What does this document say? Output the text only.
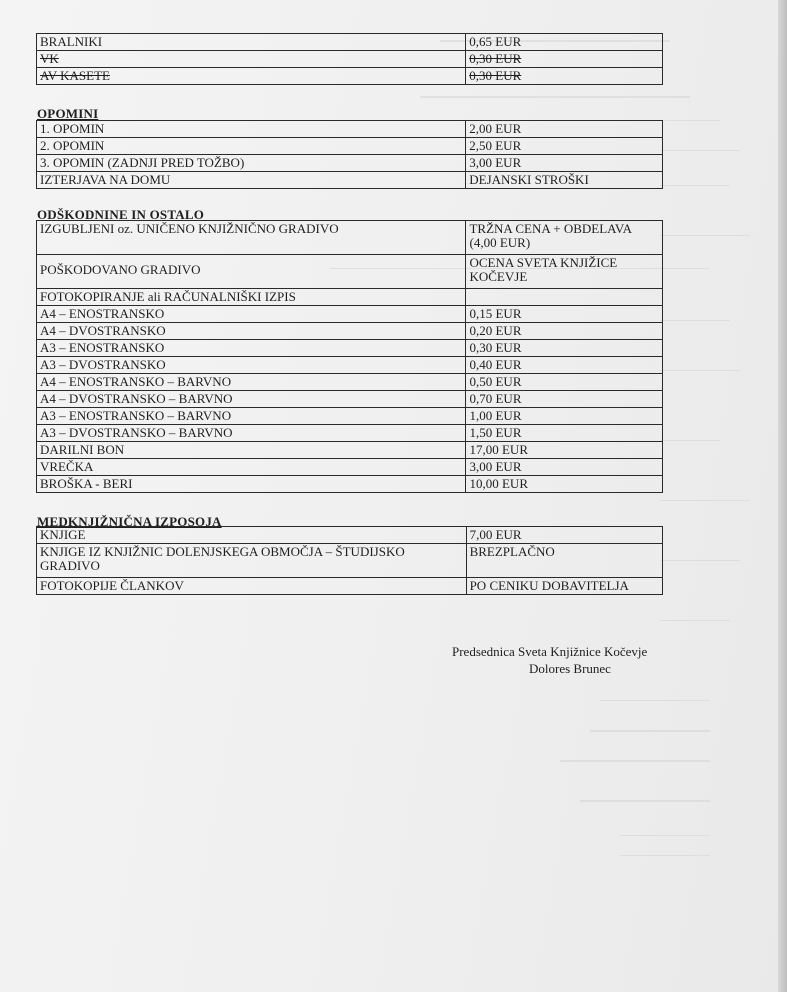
BRALNIKI	0,65 EUR
VK	0,30 EUR
AV KASETE	0,30 EUR
OPOMINI
1. OPOMIN	2,00 EUR
2. OPOMIN	2,50 EUR
3. OPOMIN (ZADNJI PRED TOŽBO)	3,00 EUR
IZTERJAVA NA DOMU	DEJANSKI STROŠKI
ODŠKODNINE IN OSTALO
IZGUBLJENI oz. UNIČENO KNJIŽNIČNO GRADIVO	TRŽNA CENA + OBDELAVA (4,00 EUR)
POŠKODOVANO GRADIVO	OCENA SVETA KNJIŽICE KOČEVJE
FOTOKOPIRANJE ali RAČUNALNIŠKI IZPIS	
A4 – ENOSTRANSKO	0,15 EUR
A4 – DVOSTRANSKO	0,20 EUR
A3 – ENOSTRANSKO	0,30 EUR
A3 – DVOSTRANSKO	0,40 EUR
A4 – ENOSTRANSKO – BARVNO	0,50 EUR
A4 – DVOSTRANSKO – BARVNO	0,70 EUR
A3 – ENOSTRANSKO – BARVNO	1,00 EUR
A3 – DVOSTRANSKO – BARVNO	1,50 EUR
DARILNI BON	17,00 EUR
VREČKA	3,00 EUR
BROŠKA - BERI	10,00 EUR
MEDKNJIŽNIČNA IZPOSOJA
KNJIGE	7,00 EUR
KNJIGE IZ KNJIŽNIC DOLENJSKEGA OBMOČJA – ŠTUDIJSKO GRADIVO	BREZPLAČNO
FOTOKOPIJE ČLANKOV	PO CENIKU DOBAVITELJA
Predsednica Sveta Knjižnice Kočevje
Dolores Brunec
